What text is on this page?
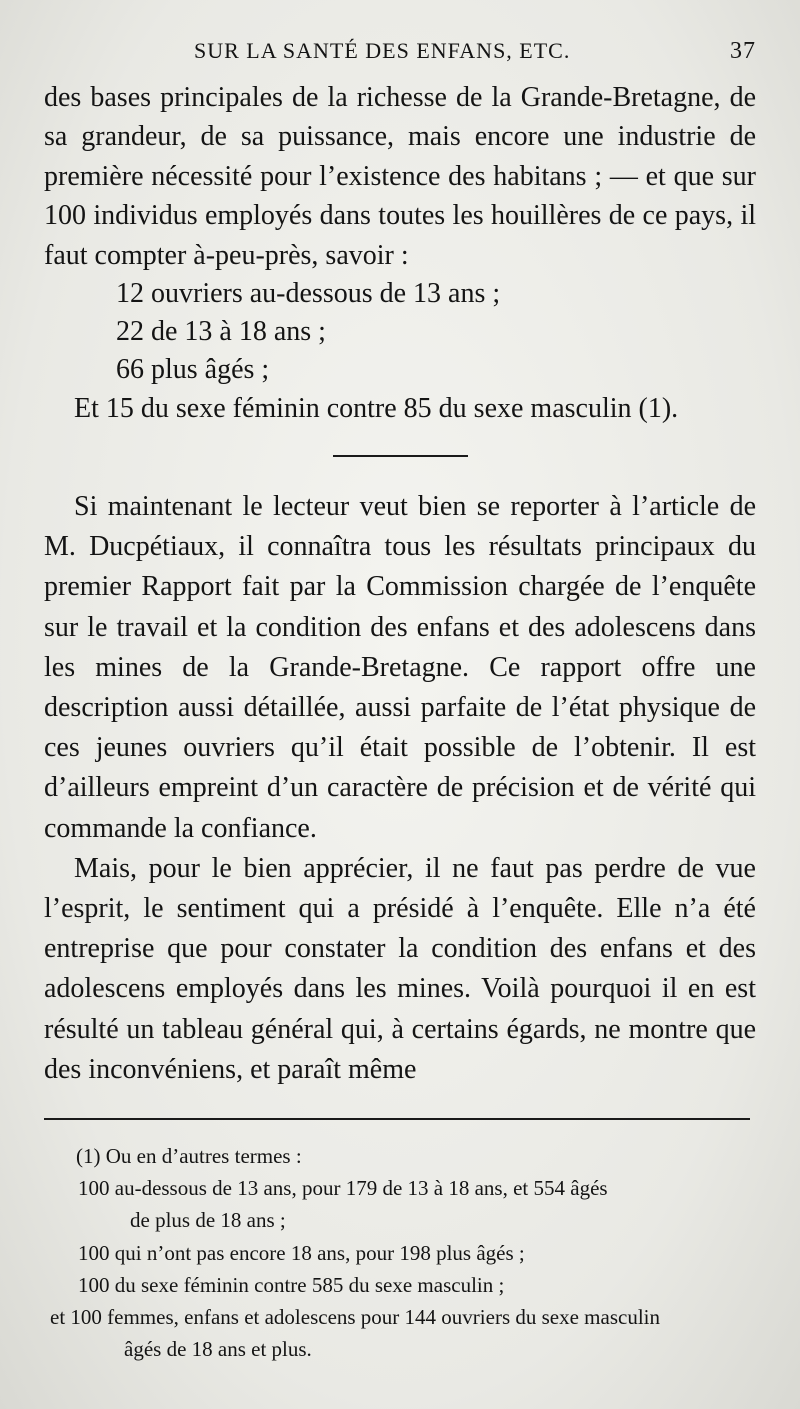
SUR LA SANTÉ DES ENFANS, ETC.	37

des bases principales de la richesse de la Grande-Bretagne, de sa grandeur, de sa puissance, mais encore une industrie de première nécessité pour l’existence des habitans ; — et que sur 100 individus employés dans toutes les houillères de ce pays, il faut compter à-peu-près, savoir :

12 ouvriers au-dessous de 13 ans ;
22 de 13 à 18 ans ;
66 plus âgés ;
Et 15 du sexe féminin contre 85 du sexe masculin (1).

Si maintenant le lecteur veut bien se reporter à l’article de M. Ducpétiaux, il connaîtra tous les résultats principaux du premier Rapport fait par la Commission chargée de l’enquête sur le travail et la condition des enfans et des adolescens dans les mines de la Grande-Bretagne. Ce rapport offre une description aussi détaillée, aussi parfaite de l’état physique de ces jeunes ouvriers qu’il était possible de l’obtenir. Il est d’ailleurs empreint d’un caractère de précision et de vérité qui commande la confiance.

Mais, pour le bien apprécier, il ne faut pas perdre de vue l’esprit, le sentiment qui a présidé à l’enquête. Elle n’a été entreprise que pour constater la condition des enfans et des adolescens employés dans les mines. Voilà pourquoi il en est résulté un tableau général qui, à certains égards, ne montre que des inconvéniens, et paraît même

(1) Ou en d’autres termes :

100 au-dessous de 13 ans, pour 179 de 13 à 18 ans, et 554 âgés

de plus de 18 ans ;

100 qui n’ont pas encore 18 ans, pour 198 plus âgés ;

100 du sexe féminin contre 585 du sexe masculin ;

et 100 femmes, enfans et adolescens pour 144 ouvriers du sexe masculin

âgés de 18 ans et plus.
